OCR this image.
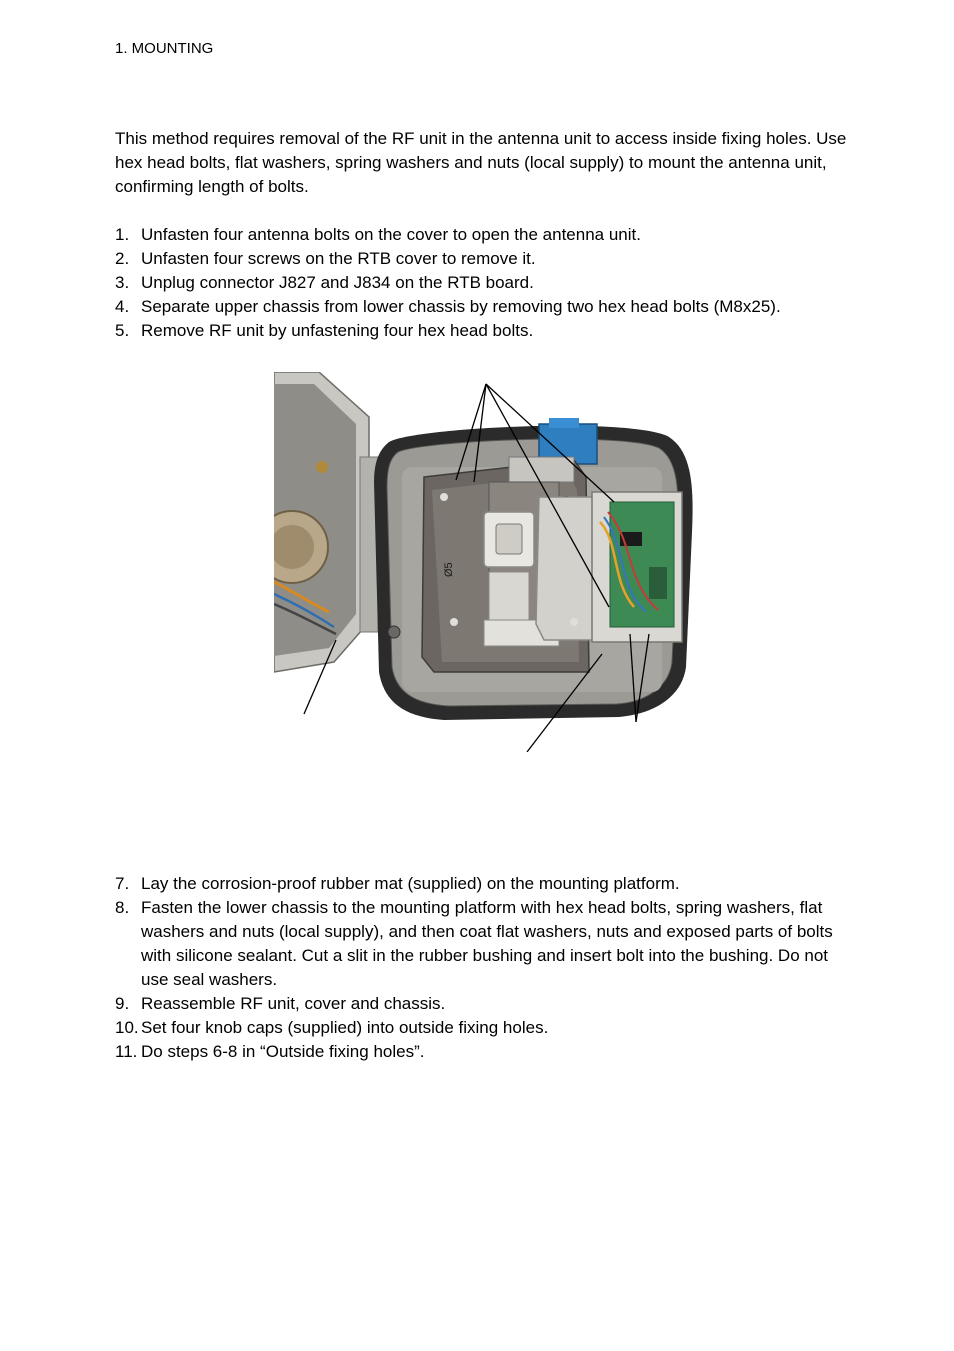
1. MOUNTING

This method requires removal of the RF unit in the antenna unit to access inside fixing holes. Use hex head bolts, flat washers, spring washers and nuts (local supply) to mount the antenna unit, confirming length of bolts.

1. Unfasten four antenna bolts on the cover to open the antenna unit.
2. Unfasten four screws on the RTB cover to remove it.
3. Unplug connector J827 and J834 on the RTB board.
4. Separate upper chassis from lower chassis by removing two hex head bolts (M8x25).
5. Remove RF unit by unfastening four hex head bolts.
Ø5
7. Lay the corrosion-proof rubber mat (supplied) on the mounting platform.
8. Fasten the lower chassis to the mounting platform with hex head bolts, spring washers, flat washers and nuts (local supply), and then coat flat washers, nuts and exposed parts of bolts with silicone sealant. Cut a slit in the rubber bushing and insert bolt into the bushing. Do not use seal washers.
9. Reassemble RF unit, cover and chassis.
10. Set four knob caps (supplied) into outside fixing holes.
11. Do steps 6-8 in “Outside fixing holes”.
